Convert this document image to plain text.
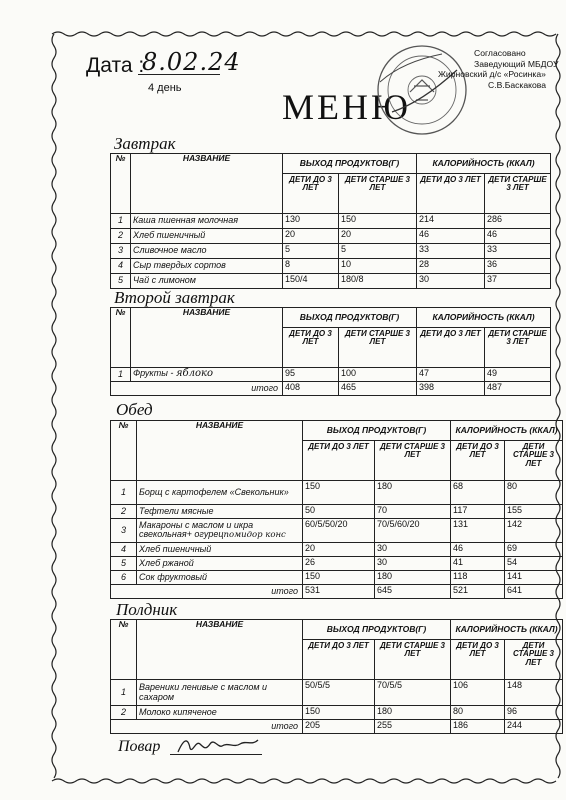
Дата :
8.02.24
4 день	МЕНЮ
Согласовано
Заведующий МБДОУ
Жирновский д/с «Росинка»
С.В.Баскакова
Завтрак
№	НАЗВАНИЕ	ВЫХОД ПРОДУКТОВ(Г)		КАЛОРИЙНОСТЬ (ККАЛ)	
		ДЕТИ ДО 3 ЛЕТ	ДЕТИ СТАРШЕ 3 ЛЕТ	ДЕТИ ДО 3 ЛЕТ	ДЕТИ СТАРШЕ 3 ЛЕТ
1	Каша пшенная молочная	130	150	214	286
2	Хлеб пшеничный	20	20	46	46
3	Сливочное масло	5	5	33	33
4	Сыр твердых сортов	8	10	28	36
5	Чай с лимоном	150/4	180/8	30	37
Второй завтрак
№	НАЗВАНИЕ	ВЫХОД ПРОДУКТОВ(Г)		КАЛОРИЙНОСТЬ (ККАЛ)	
		ДЕТИ ДО 3 ЛЕТ	ДЕТИ СТАРШЕ 3 ЛЕТ	ДЕТИ ДО 3 ЛЕТ	ДЕТИ СТАРШЕ 3 ЛЕТ
1	Фрукты - яблоко	95	100	47	49
итого		408	465	398	487
Обед
№	НАЗВАНИЕ	ВЫХОД ПРОДУКТОВ(Г)		КАЛОРИЙНОСТЬ (ККАЛ)	
		ДЕТИ ДО 3 ЛЕТ	ДЕТИ СТАРШЕ 3 ЛЕТ	ДЕТИ ДО 3 ЛЕТ	ДЕТИ СТАРШЕ 3 ЛЕТ
1	Борщ с картофелем «Свекольник»	150	180	68	80
2	Тефтели мясные	50	70	117	155
3	Макароны с маслом и икра свекольная+ огурецпомидор конс	60/5/50/20	70/5/60/20	131	142
4	Хлеб пшеничный	20	30	46	69
5	Хлеб ржаной	26	30	41	54
6	Сок фруктовый	150	180	118	141
итого		531	645	521	641
Полдник
№	НАЗВАНИЕ	ВЫХОД ПРОДУКТОВ(Г)		КАЛОРИЙНОСТЬ (ККАЛ)	
		ДЕТИ ДО 3 ЛЕТ	ДЕТИ СТАРШЕ 3 ЛЕТ	ДЕТИ ДО 3 ЛЕТ	ДЕТИ СТАРШЕ 3 ЛЕТ
1	Вареники ленивые с маслом и сахаром	50/5/5	70/5/5	106	148
2	Молоко кипяченое	150	180	80	96
итого		205	255	186	244
Повар
